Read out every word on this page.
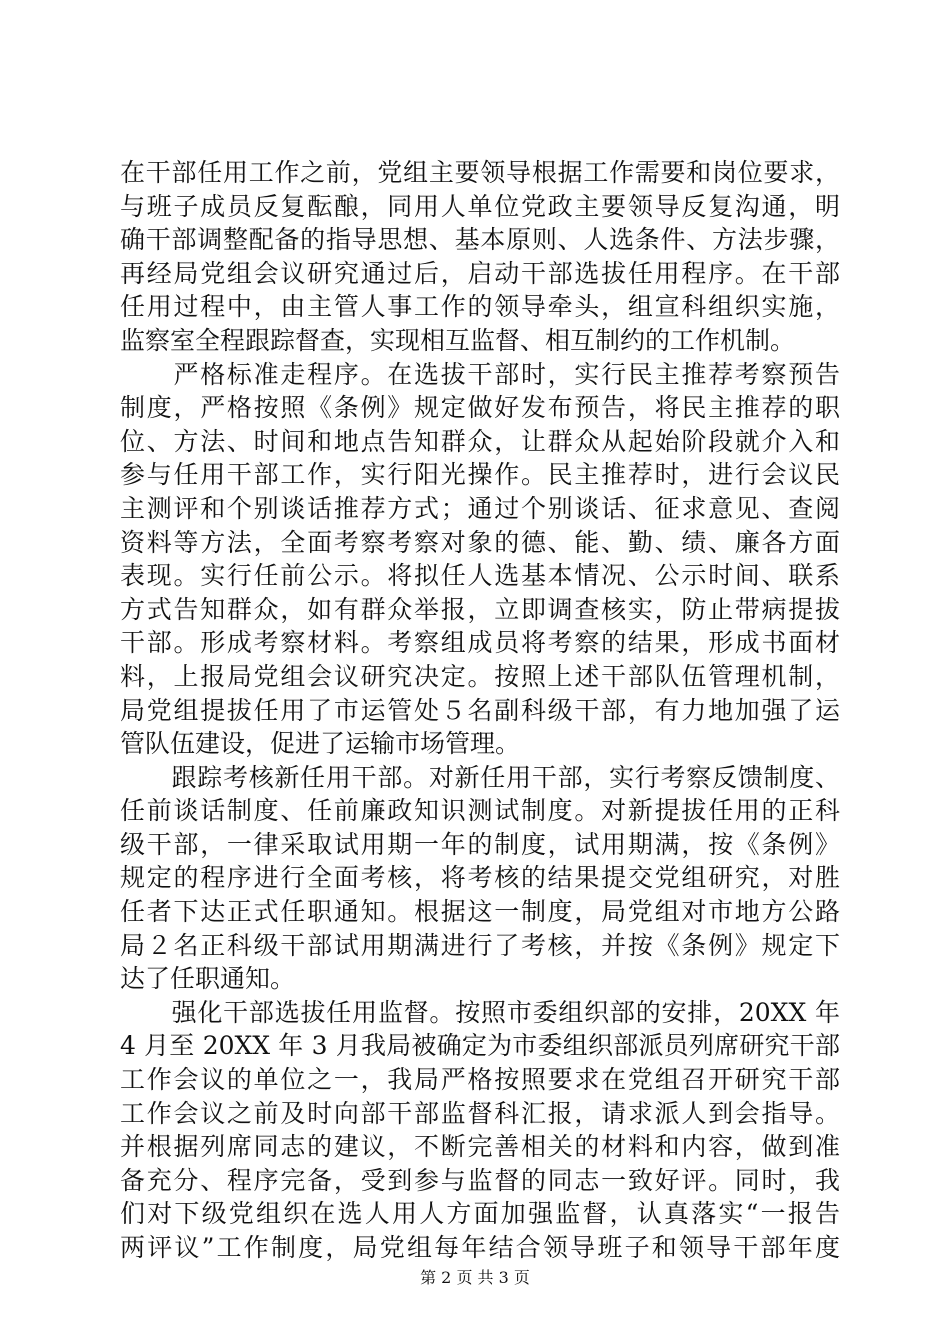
在干部任用工作之前，党组主要领导根据工作需要和岗位要求，
与班子成员反复酝酿，同用人单位党政主要领导反复沟通，明
确干部调整配备的指导思想、基本原则、人选条件、方法步骤，
再经局党组会议研究通过后，启动干部选拔任用程序。在干部
任用过程中，由主管人事工作的领导牵头，组宣科组织实施，
监察室全程跟踪督查，实现相互监督、相互制约的工作机制。
　　严格标准走程序。在选拔干部时，实行民主推荐考察预告
制度，严格按照《条例》规定做好发布预告，将民主推荐的职
位、方法、时间和地点告知群众，让群众从起始阶段就介入和
参与任用干部工作，实行阳光操作。民主推荐时，进行会议民
主测评和个别谈话推荐方式；通过个别谈话、征求意见、查阅
资料等方法，全面考察考察对象的德、能、勤、绩、廉各方面
表现。实行任前公示。将拟任人选基本情况、公示时间、联系
方式告知群众，如有群众举报，立即调查核实，防止带病提拔
干部。形成考察材料。考察组成员将考察的结果，形成书面材
料，上报局党组会议研究决定。按照上述干部队伍管理机制，
局党组提拔任用了市运管处５名副科级干部，有力地加强了运
管队伍建设，促进了运输市场管理。
　　跟踪考核新任用干部。对新任用干部，实行考察反馈制度、
任前谈话制度、任前廉政知识测试制度。对新提拔任用的正科
级干部，一律采取试用期一年的制度，试用期满，按《条例》
规定的程序进行全面考核，将考核的结果提交党组研究，对胜
任者下达正式任职通知。根据这一制度，局党组对市地方公路
局２名正科级干部试用期满进行了考核，并按《条例》规定下
达了任职通知。
　　强化干部选拔任用监督。按照市委组织部的安排，20XX 年
4 月至 20XX 年 3 月我局被确定为市委组织部派员列席研究干部
工作会议的单位之一，我局严格按照要求在党组召开研究干部
工作会议之前及时向部干部监督科汇报，请求派人到会指导。
并根据列席同志的建议，不断完善相关的材料和内容，做到准
备充分、程序完备，受到参与监督的同志一致好评。同时，我
们对下级党组织在选人用人方面加强监督，认真落实“一报告
两评议”工作制度，局党组每年结合领导班子和领导干部年度
第 2 页 共 3 页
